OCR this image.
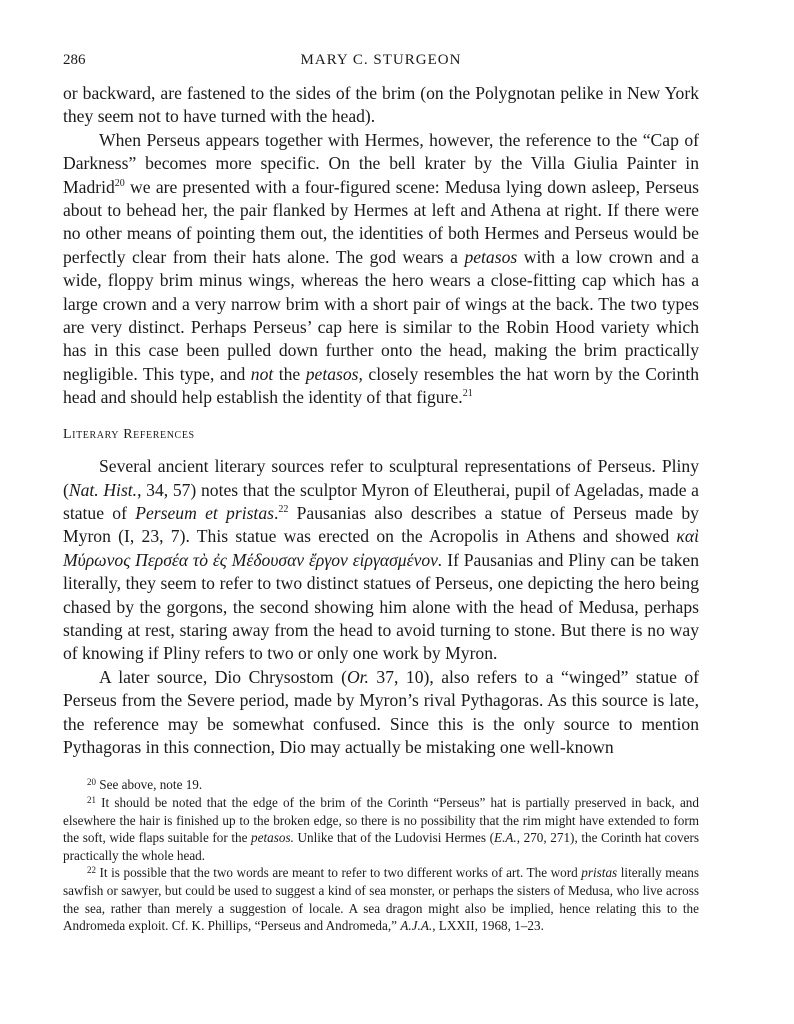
286	MARY C. STURGEON

or backward, are fastened to the sides of the brim (on the Polygnotan pelike in New York they seem not to have turned with the head).

When Perseus appears together with Hermes, however, the reference to the “Cap of Darkness” becomes more specific. On the bell krater by the Villa Giulia Painter in Madrid$^{20}$ we are presented with a four-figured scene: Medusa lying down asleep, Perseus about to behead her, the pair flanked by Hermes at left and Athena at right. If there were no other means of pointing them out, the identities of both Hermes and Perseus would be perfectly clear from their hats alone. The god wears a petasos with a low crown and a wide, floppy brim minus wings, whereas the hero wears a close-fitting cap which has a large crown and a very narrow brim with a short pair of wings at the back. The two types are very distinct. Perhaps Perseus’ cap here is similar to the Robin Hood variety which has in this case been pulled down further onto the head, making the brim practically negligible. This type, and not the petasos, closely resembles the hat worn by the Corinth head and should help establish the identity of that figure.$^{21}$

Literary References

Several ancient literary sources refer to sculptural representations of Perseus. Pliny (Nat. Hist., 34, 57) notes that the sculptor Myron of Eleutherai, pupil of Ageladas, made a statue of Perseum et pristas.$^{22}$ Pausanias also describes a statue of Perseus made by Myron (I, 23, 7). This statue was erected on the Acropolis in Athens and showed καὶ Μύρωνος Περσέα τὸ ἐς Μέδουσαν ἔργον εἰργασμένον. If Pausanias and Pliny can be taken literally, they seem to refer to two distinct statues of Perseus, one depicting the hero being chased by the gorgons, the second showing him alone with the head of Medusa, perhaps standing at rest, staring away from the head to avoid turning to stone. But there is no way of knowing if Pliny refers to two or only one work by Myron.

A later source, Dio Chrysostom (Or. 37, 10), also refers to a “winged” statue of Perseus from the Severe period, made by Myron’s rival Pythagoras. As this source is late, the reference may be somewhat confused. Since this is the only source to mention Pythagoras in this connection, Dio may actually be mistaking one well-known

$^{20}$ See above, note 19.

$^{21}$ It should be noted that the edge of the brim of the Corinth “Perseus” hat is partially preserved in back, and elsewhere the hair is finished up to the broken edge, so there is no possibility that the rim might have extended to form the soft, wide flaps suitable for the petasos. Unlike that of the Ludovisi Hermes (E.A., 270, 271), the Corinth hat covers practically the whole head.

$^{22}$ It is possible that the two words are meant to refer to two different works of art. The word pristas literally means sawfish or sawyer, but could be used to suggest a kind of sea monster, or perhaps the sisters of Medusa, who live across the sea, rather than merely a suggestion of locale. A sea dragon might also be implied, hence relating this to the Andromeda exploit. Cf. K. Phillips, “Perseus and Andromeda,” A.J.A., LXXII, 1968, 1–23.
